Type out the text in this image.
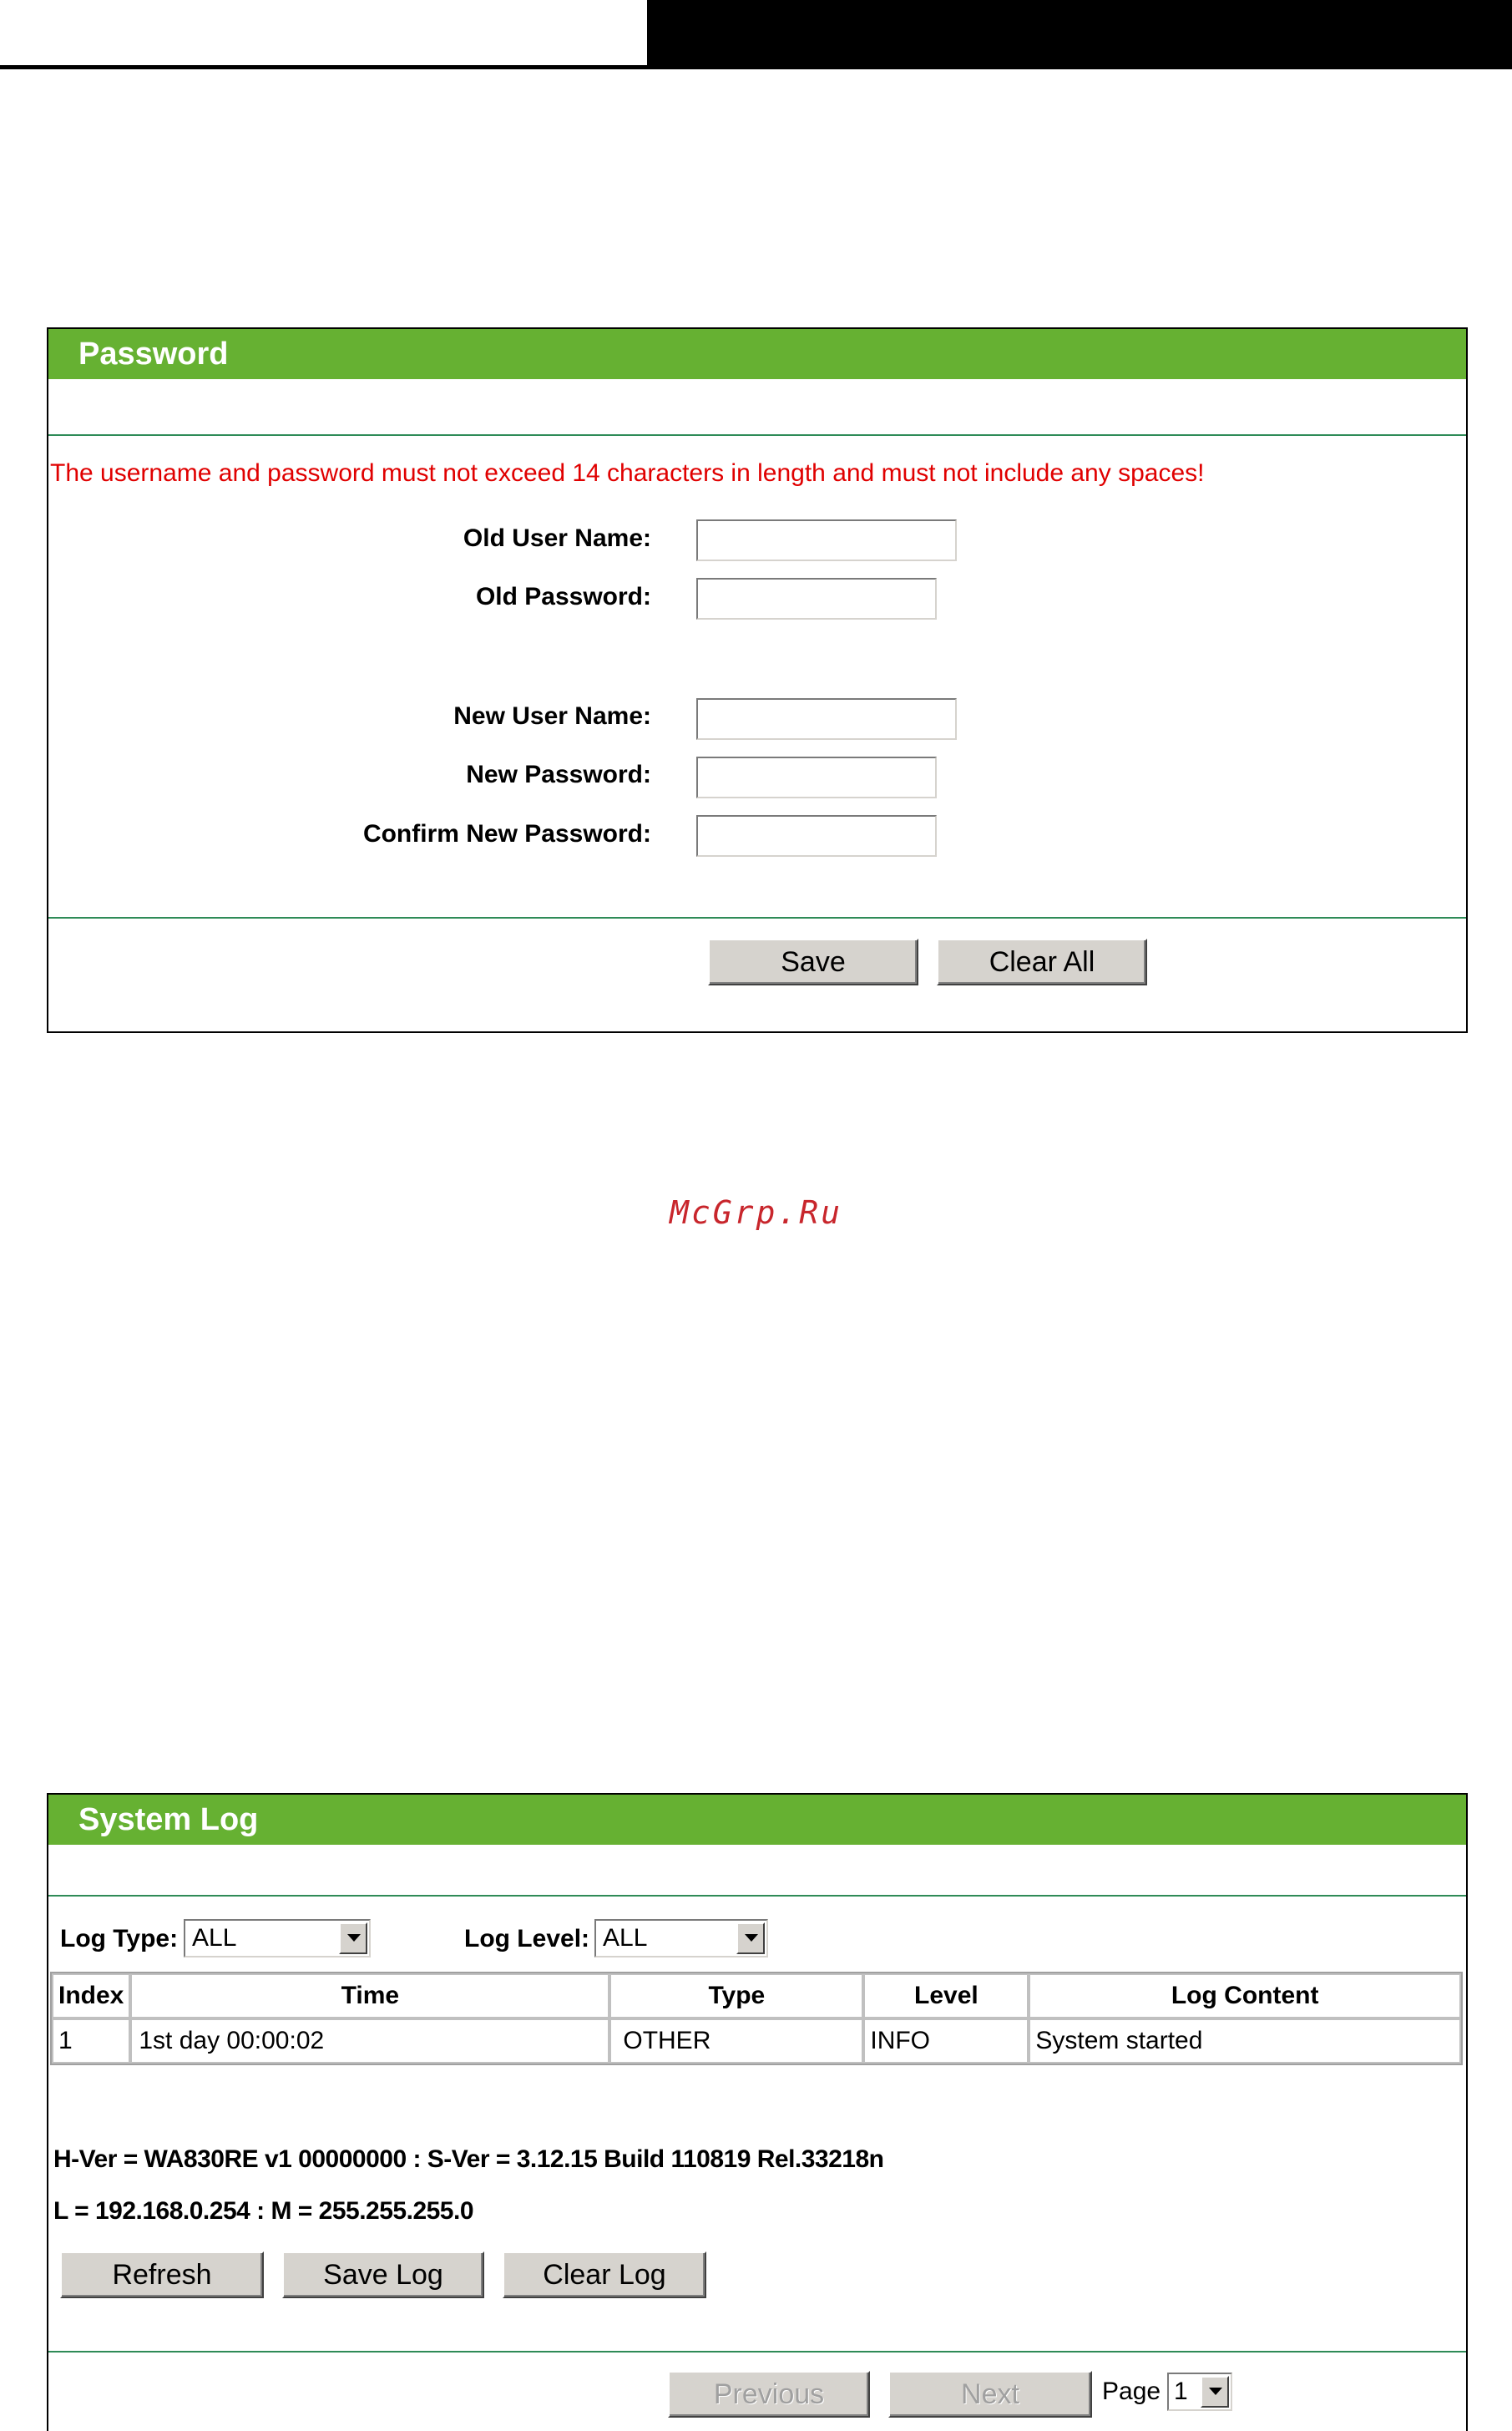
Password
The username and password must not exceed 14 characters in length and must not include any spaces!
Old User Name:
Old Password:
New User Name:
New Password:
Confirm New Password:
Save	Clear All
McGrp.Ru
System Log
Log Type: ALL	Log Level: ALL
Index	Time	Type	Level	Log Content
1	1st day 00:00:02	OTHER	INFO	System started
H-Ver = WA830RE v1 00000000 : S-Ver = 3.12.15 Build 110819 Rel.33218n
L = 192.168.0.254 : M = 255.255.255.0
Refresh	Save Log	Clear Log
Previous	Next	Page 1
